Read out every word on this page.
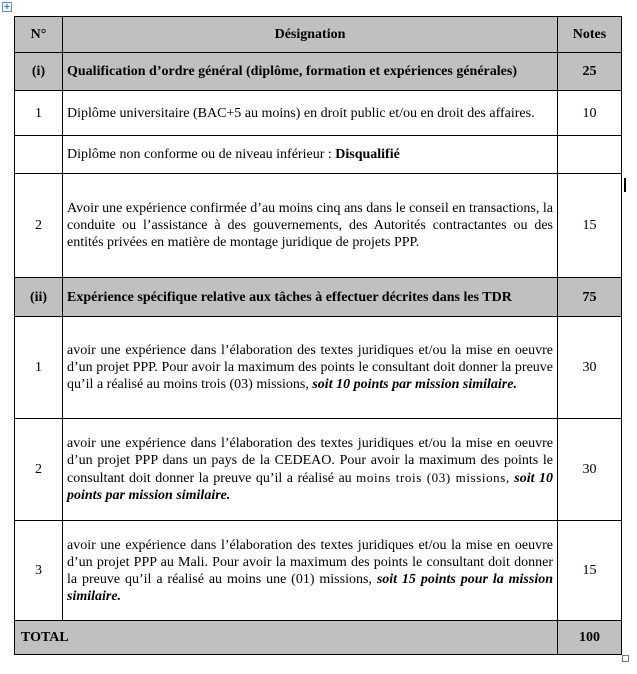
+
N°	Désignation	Notes
(i)	Qualification d’ordre général (diplôme, formation et expériences générales)	25
1	Diplôme universitaire (BAC+5 au moins) en droit public et/ou en droit des affaires.	10
	Diplôme non conforme ou de niveau inférieur : Disqualifié	
2	Avoir une expérience confirmée d’au moins cinq ans dans le conseil en transactions, la conduite ou l’assistance à des gouvernements, des Autorités contractantes ou des entités privées en matière de montage juridique de projets PPP.	15
(ii)	Expérience spécifique relative aux tâches à effectuer décrites dans les TDR	75
1	avoir une expérience dans l’élaboration des textes juridiques et/ou la mise en oeuvre d’un projet PPP. Pour avoir la maximum des points le consultant doit donner la preuve qu’il a réalisé au moins trois (03) missions, soit 10 points par mission similaire.	30
2	avoir une expérience dans l’élaboration des textes juridiques et/ou la mise en oeuvre d’un projet PPP dans un pays de la CEDEAO. Pour avoir la maximum des points le consultant doit donner la preuve qu’il a réalisé au moins trois (03) missions, soit 10 points par mission similaire.	30
3	avoir une expérience dans l’élaboration des textes juridiques et/ou la mise en oeuvre d’un projet PPP au Mali. Pour avoir la maximum des points le consultant doit donner la preuve qu’il a réalisé au moins une (01) missions, soit 15 points pour la mission similaire.	15
TOTAL		100
